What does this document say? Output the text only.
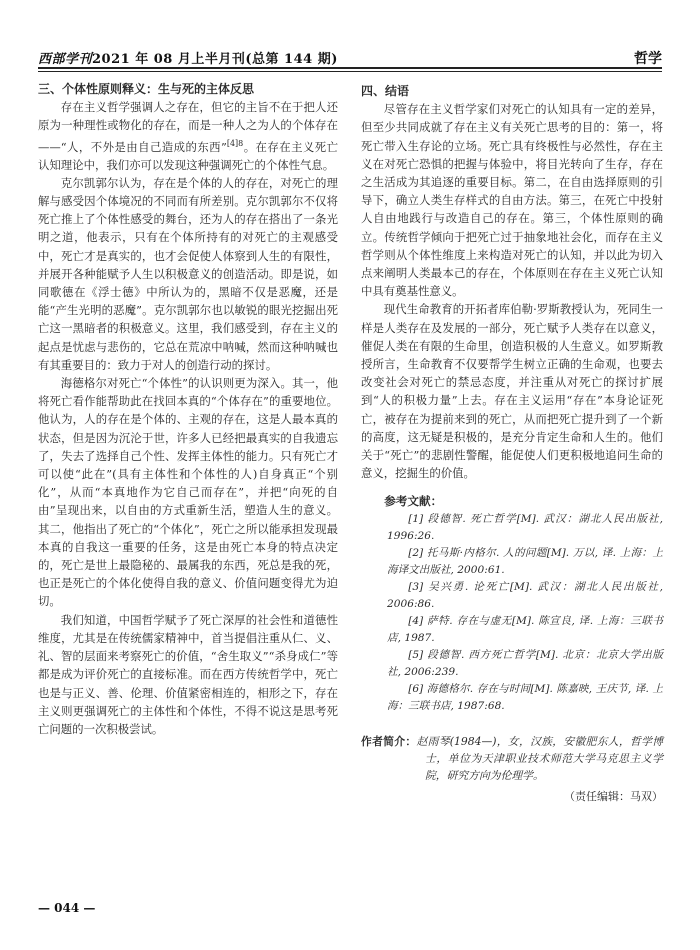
西部学刊2021 年 08 月上半月刊(总第 144 期)	哲学

三、个体性原则释义：生与死的主体反思

存在主义哲学强调人之存在，但它的主旨不在于把人还原为一种理性或物化的存在，而是一种人之为人的个体存在——“人，不外是由自己造成的东西”$^{[4]8}$。在存在主义死亡认知理论中，我们亦可以发现这种强调死亡的个体性气息。

克尔凯郭尔认为，存在是个体的人的存在，对死亡的理解与感受因个体境况的不同而有所差别。克尔凯郭尔不仅将死亡推上了个体性感受的舞台，还为人的存在搭出了一条光明之道，他表示，只有在个体所持有的对死亡的主观感受中，死亡才是真实的，也才会促使人体察到人生的有限性，并展开各种能赋予人生以积极意义的创造活动。即是说，如同歌德在《浮士德》中所认为的，黑暗不仅是恶魔，还是能“产生光明的恶魔”。克尔凯郭尔也以敏锐的眼光挖掘出死亡这一黑暗者的积极意义。这里，我们感受到，存在主义的起点是忧虑与悲伤的，它总在荒凉中呐喊，然而这种呐喊也有其重要目的：致力于对人的创造行动的探讨。

海德格尔对死亡“个体性”的认识则更为深入。其一，他将死亡看作能帮助此在找回本真的“个体存在”的重要地位。他认为，人的存在是个体的、主观的存在，这是人最本真的状态，但是因为沉沦于世，许多人已经把最真实的自我遗忘了，失去了选择自己个性、发挥主体性的能力。只有死亡才可以使“此在”(具有主体性和个体性的人)自身真正“个别化”，从而“本真地作为它自己而存在”，并把“向死的自由”呈现出来，以自由的方式重新生活，塑造人生的意义。其二，他指出了死亡的“个体化”，死亡之所以能承担发现最本真的自我这一重要的任务，这是由死亡本身的特点决定的，死亡是世上最隐秘的、最属我的东西，死总是我的死，也正是死亡的个体化使得自我的意义、价值问题变得尤为迫切。

我们知道，中国哲学赋予了死亡深厚的社会性和道德性维度，尤其是在传统儒家精神中，首当提倡注重从仁、义、礼、智的层面来考察死亡的价值，“舍生取义”“杀身成仁”等都是成为评价死亡的直接标准。而在西方传统哲学中，死亡也是与正义、善、伦理、价值紧密相连的，相形之下，存在主义则更强调死亡的主体性和个体性，不得不说这是思考死亡问题的一次积极尝试。

四、结语

尽管存在主义哲学家们对死亡的认知具有一定的差异，但至少共同成就了存在主义有关死亡思考的目的：第一，将死亡带入生存论的立场。死亡具有终极性与必然性，存在主义在对死亡恐惧的把握与体验中，将目光转向了生存，存在之生活成为其追逐的重要目标。第二，在自由选择原则的引导下，确立人类生存样式的自由方法。第三，在死亡中投射人自由地践行与改造自己的存在。第三，个体性原则的确立。传统哲学倾向于把死亡过于抽象地社会化，而存在主义哲学则从个体性维度上来构造对死亡的认知，并以此为切入点来阐明人类最本己的存在，个体原则在存在主义死亡认知中具有奠基性意义。

现代生命教育的开拓者库伯勒·罗斯教授认为，死同生一样是人类存在及发展的一部分，死亡赋予人类存在以意义，催促人类在有限的生命里，创造积极的人生意义。如罗斯教授所言，生命教育不仅要帮学生树立正确的生命观，也要去改变社会对死亡的禁忌态度，并注重从对死亡的探讨扩展到“人的积极力量”上去。存在主义运用“存在”本身论证死亡，被存在为提前来到的死亡，从而把死亡提升到了一个新的高度，这无疑是积极的，是充分肯定生命和人生的。他们关于“死亡”的悲剧性警醒，能促使人们更积极地追问生命的意义，挖掘生的价值。

参考文献：

[1] 段德智. 死亡哲学[M]. 武汉：湖北人民出版社, 1996:26.

[2] 托马斯·内格尔. 人的问题[M]. 万以, 译. 上海：上海译文出版社, 2000:61.

[3] 吴兴勇. 论死亡[M]. 武汉：湖北人民出版社, 2006:86.

[4] 萨特. 存在与虚无[M]. 陈宣良, 译. 上海：三联书店, 1987.

[5] 段德智. 西方死亡哲学[M]. 北京：北京大学出版社, 2006:239.

[6] 海德格尔. 存在与时间[M]. 陈嘉映, 王庆节, 译. 上海：三联书店, 1987:68.

作者简介：赵雨琴(1984—)，女，汉族，安徽肥东人，哲学博士，单位为天津职业技术师范大学马克思主义学院，研究方向为伦理学。
（责任编辑：马双）
— 044 —
